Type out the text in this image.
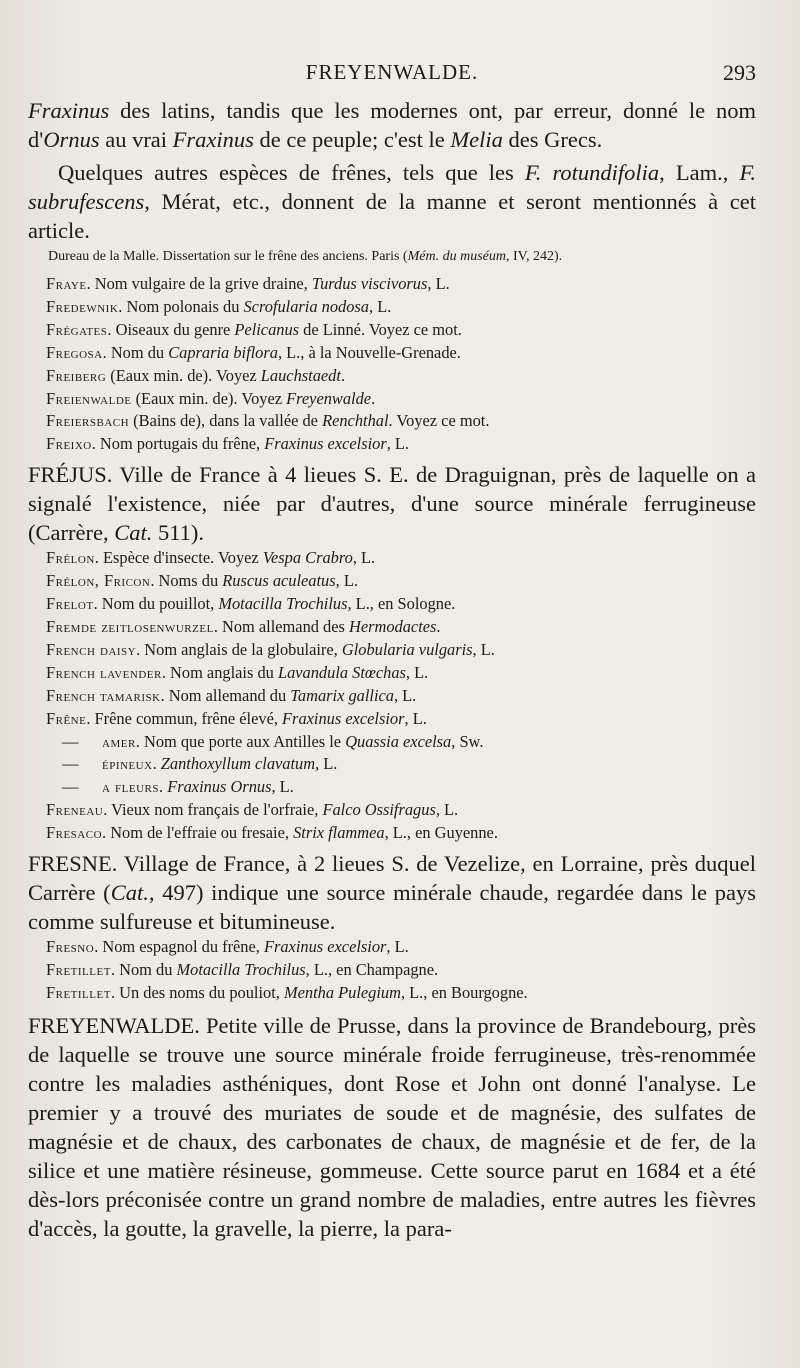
FREYENWALDE.	293

Fraxinus des latins, tandis que les modernes ont, par erreur, donné le nom d'Ornus au vrai Fraxinus de ce peuple; c'est le Melia des Grecs.

Quelques autres espèces de frênes, tels que les F. rotundifolia, Lam., F. subrufescens, Mérat, etc., donnent de la manne et seront mentionnés à cet article.

Dureau de la Malle. Dissertation sur le frêne des anciens. Paris (Mém. du muséum, IV, 242).

Fraye. Nom vulgaire de la grive draine, Turdus viscivorus, L.

Fredewnik. Nom polonais du Scrofularia nodosa, L.

Frégates. Oiseaux du genre Pelicanus de Linné. Voyez ce mot.

Fregosa. Nom du Capraria biflora, L., à la Nouvelle-Grenade.

Freiberg (Eaux min. de). Voyez Lauchstaedt.

Freienwalde (Eaux min. de). Voyez Freyenwalde.

Freiersbach (Bains de), dans la vallée de Renchthal. Voyez ce mot.

Freixo. Nom portugais du frêne, Fraxinus excelsior, L.

FRÉJUS. Ville de France à 4 lieues S. E. de Draguignan, près de laquelle on a signalé l'existence, niée par d'autres, d'une source minérale ferrugineuse (Carrère, Cat. 511).

Frélon. Espèce d'insecte. Voyez Vespa Crabro, L.

Frélon, Fricon. Noms du Ruscus aculeatus, L.

Frelot. Nom du pouillot, Motacilla Trochilus, L., en Sologne.

Fremde zeitlosenwurzel. Nom allemand des Hermodactes.

French daisy. Nom anglais de la globulaire, Globularia vulgaris, L.

French lavender. Nom anglais du Lavandula Stœchas, L.

French tamarisk. Nom allemand du Tamarix gallica, L.

Frêne. Frêne commun, frêne élevé, Fraxinus excelsior, L.

— amer. Nom que porte aux Antilles le Quassia excelsa, Sw.

— épineux. Zanthoxyllum clavatum, L.

— a fleurs. Fraxinus Ornus, L.

Freneau. Vieux nom français de l'orfraie, Falco Ossifragus, L.

Fresaco. Nom de l'effraie ou fresaie, Strix flammea, L., en Guyenne.

FRESNE. Village de France, à 2 lieues S. de Vezelize, en Lorraine, près duquel Carrère (Cat., 497) indique une source minérale chaude, regardée dans le pays comme sulfureuse et bitumineuse.

Fresno. Nom espagnol du frêne, Fraxinus excelsior, L.

Fretillet. Nom du Motacilla Trochilus, L., en Champagne.

Fretillet. Un des noms du pouliot, Mentha Pulegium, L., en Bourgogne.

FREYENWALDE. Petite ville de Prusse, dans la province de Brandebourg, près de laquelle se trouve une source minérale froide ferrugineuse, très-renommée contre les maladies asthéniques, dont Rose et John ont donné l'analyse. Le premier y a trouvé des muriates de soude et de magnésie, des sulfates de magnésie et de chaux, des carbonates de chaux, de magnésie et de fer, de la silice et une matière résineuse, gommeuse. Cette source parut en 1684 et a été dès-lors préconisée contre un grand nombre de maladies, entre autres les fièvres d'accès, la goutte, la gravelle, la pierre, la para-
